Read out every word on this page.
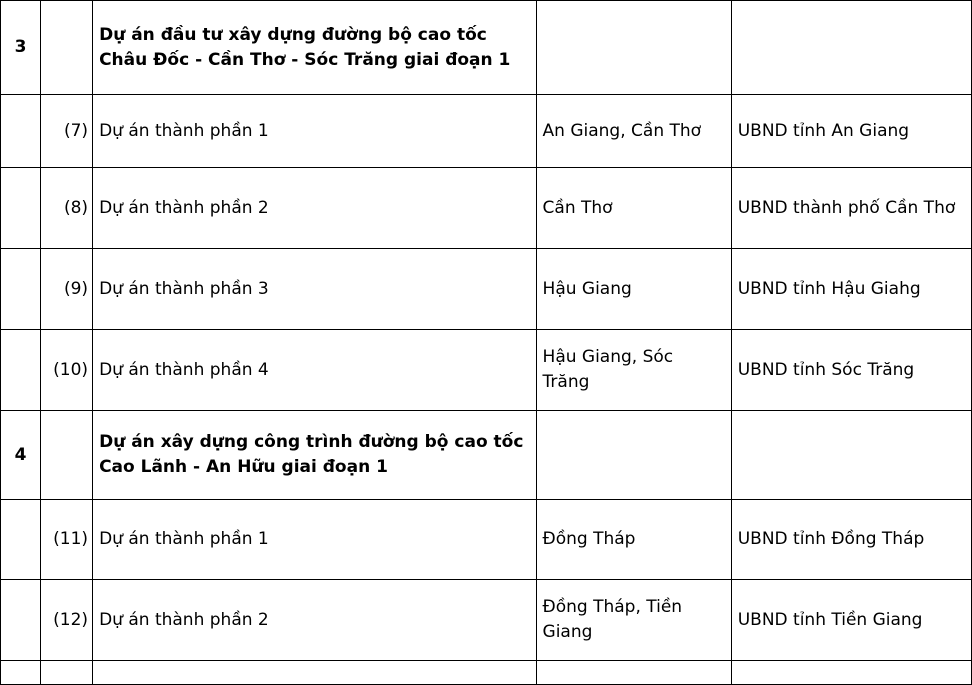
3		Dự án đầu tư xây dựng đường bộ cao tốc Châu Đốc - Cần Thơ - Sóc Trăng giai đoạn 1		
	(7)	Dự án thành phần 1	An Giang, Cần Thơ	UBND tỉnh An Giang
	(8)	Dự án thành phần 2	Cần Thơ	UBND thành phố Cần Thơ
	(9)	Dự án thành phần 3	Hậu Giang	UBND tỉnh Hậu Giahg
	(10)	Dự án thành phần 4	Hậu Giang, Sóc Trăng	UBND tỉnh Sóc Trăng
4		Dự án xây dựng công trình đường bộ cao tốc Cao Lãnh - An Hữu giai đoạn 1		
	(11)	Dự án thành phần 1	Đồng Tháp	UBND tỉnh Đồng Tháp
	(12)	Dự án thành phần 2	Đồng Tháp, Tiền Giang	UBND tỉnh Tiền Giang
